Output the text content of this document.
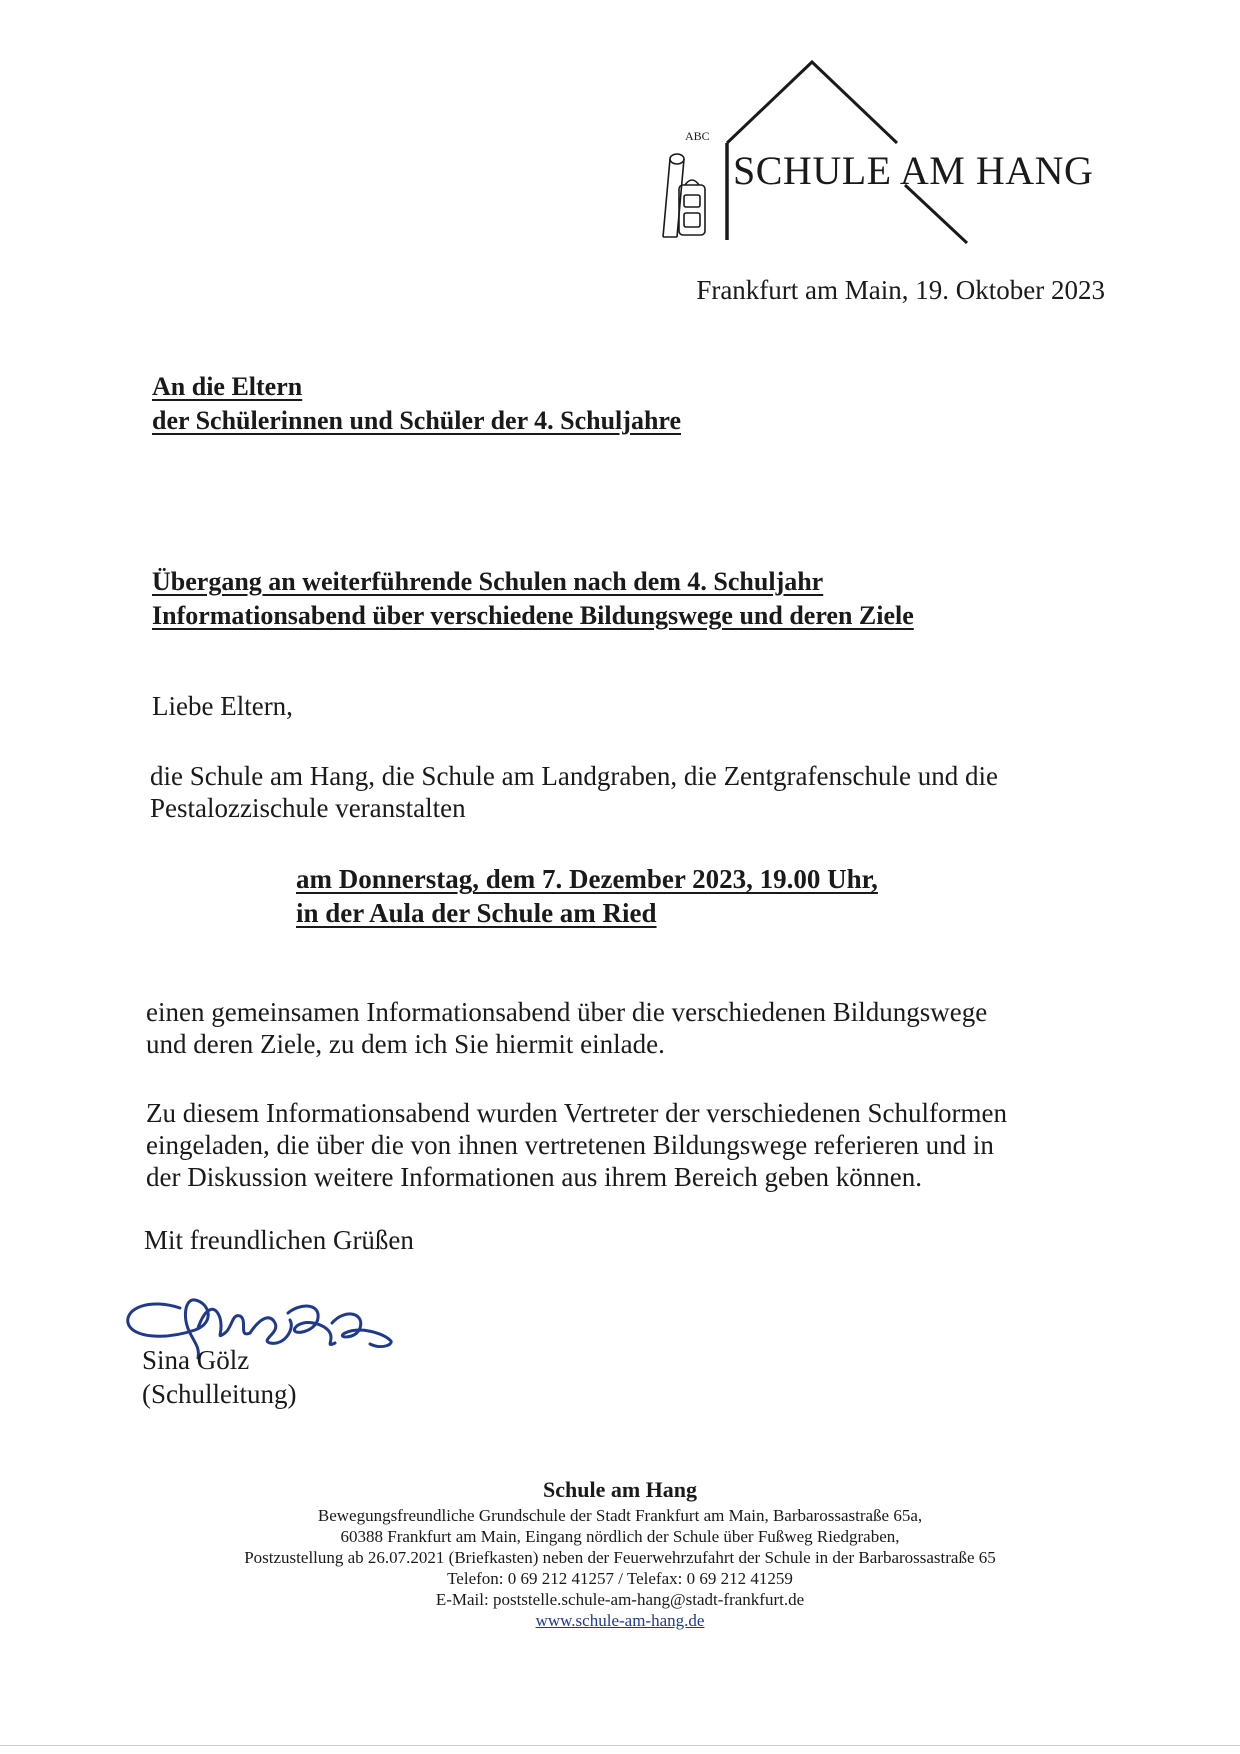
ABC
SCHULE AM HANG
Frankfurt am Main, 19. Oktober 2023
An die Eltern
der Schülerinnen und Schüler der 4. Schuljahre
Übergang an weiterführende Schulen nach dem 4. Schuljahr
Informationsabend über verschiedene Bildungswege und deren Ziele
Liebe Eltern,
die Schule am Hang, die Schule am Landgraben, die Zentgrafenschule und die
Pestalozzischule veranstalten
am Donnerstag, dem 7. Dezember 2023, 19.00 Uhr,
in der Aula der Schule am Ried
einen gemeinsamen Informationsabend über die verschiedenen Bildungswege
und deren Ziele, zu dem ich Sie hiermit einlade.
Zu diesem Informationsabend wurden Vertreter der verschiedenen Schulformen
eingeladen, die über die von ihnen vertretenen Bildungswege referieren und in
der Diskussion weitere Informationen aus ihrem Bereich geben können.
Mit freundlichen Grüßen
Sina Gölz
(Schulleitung)
Schule am Hang
Bewegungsfreundliche Grundschule der Stadt Frankfurt am Main, Barbarossastraße 65a,
60388 Frankfurt am Main, Eingang nördlich der Schule über Fußweg Riedgraben,
Postzustellung ab 26.07.2021 (Briefkasten) neben der Feuerwehrzufahrt der Schule in der Barbarossastraße 65
Telefon: 0 69 212 41257 / Telefax: 0 69 212 41259
E-Mail: poststelle.schule-am-hang@stadt-frankfurt.de
www.schule-am-hang.de
